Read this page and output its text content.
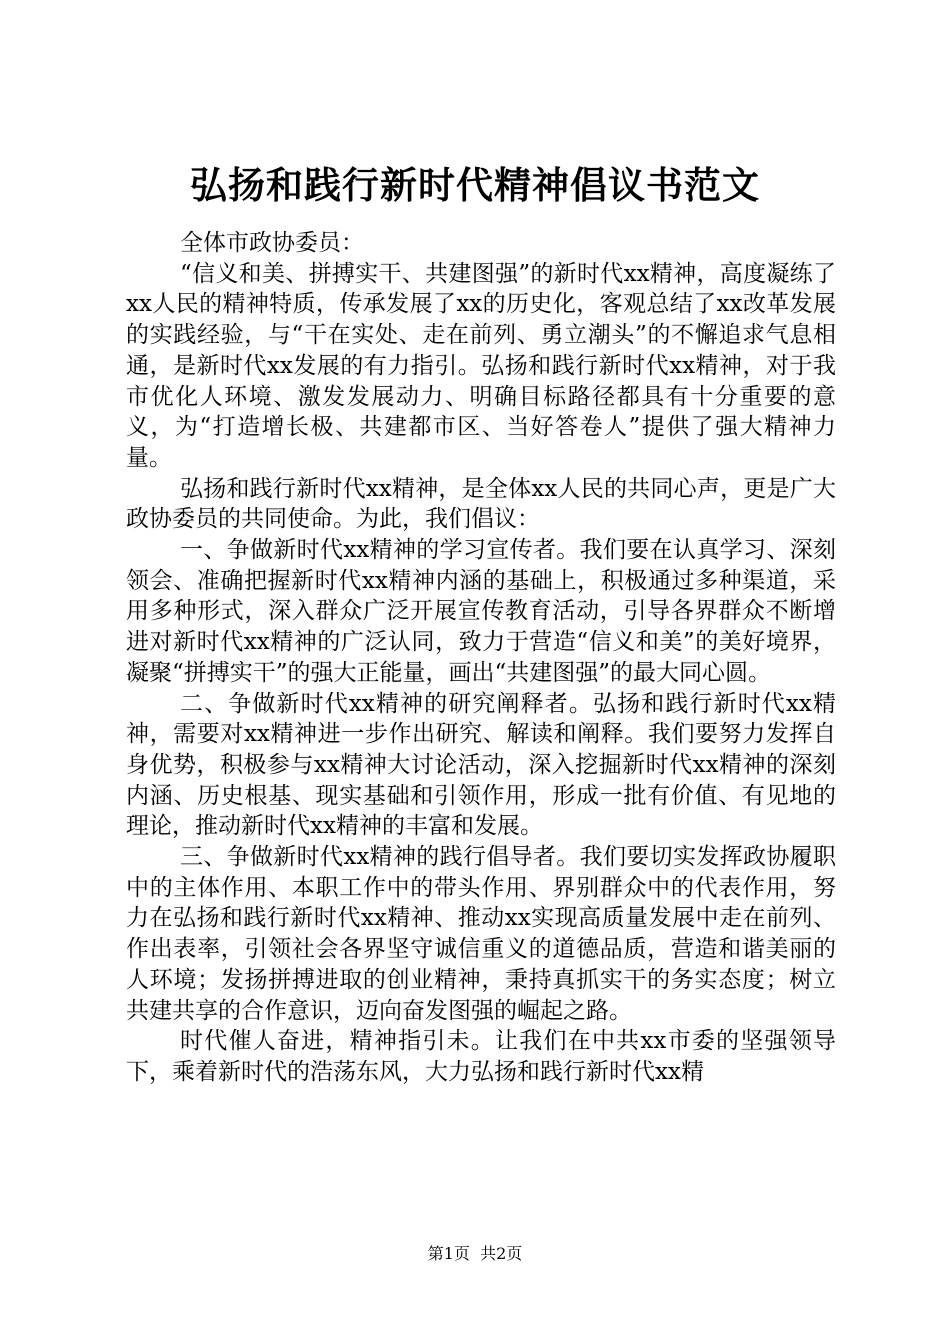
弘扬和践行新时代精神倡议书范文

全体市政协委员：

“信义和美、拼搏实干、共建图强”的新时代xx精神，高度凝练了xx人民的精神特质，传承发展了xx的历史化，客观总结了xx改革发展的实践经验，与“干在实处、走在前列、勇立潮头”的不懈追求气息相通，是新时代xx发展的有力指引。弘扬和践行新时代xx精神，对于我市优化人环境、激发发展动力、明确目标路径都具有十分重要的意义，为“打造增长极、共建都市区、当好答卷人”提供了强大精神力量。

弘扬和践行新时代xx精神，是全体xx人民的共同心声，更是广大政协委员的共同使命。为此，我们倡议：

一、争做新时代xx精神的学习宣传者。我们要在认真学习、深刻领会、准确把握新时代xx精神内涵的基础上，积极通过多种渠道，采用多种形式，深入群众广泛开展宣传教育活动，引导各界群众不断增进对新时代xx精神的广泛认同，致力于营造“信义和美”的美好境界，凝聚“拼搏实干”的强大正能量，画出“共建图强”的最大同心圆。

二、争做新时代xx精神的研究阐释者。弘扬和践行新时代xx精神，需要对xx精神进一步作出研究、解读和阐释。我们要努力发挥自身优势，积极参与xx精神大讨论活动，深入挖掘新时代xx精神的深刻内涵、历史根基、现实基础和引领作用，形成一批有价值、有见地的理论，推动新时代xx精神的丰富和发展。

三、争做新时代xx精神的践行倡导者。我们要切实发挥政协履职中的主体作用、本职工作中的带头作用、界别群众中的代表作用，努力在弘扬和践行新时代xx精神、推动xx实现高质量发展中走在前列、作出表率，引领社会各界坚守诚信重义的道德品质，营造和谐美丽的人环境；发扬拼搏进取的创业精神，秉持真抓实干的务实态度；树立共建共享的合作意识，迈向奋发图强的崛起之路。

时代催人奋进，精神指引未。让我们在中共xx市委的坚强领导下，乘着新时代的浩荡东风，大力弘扬和践行新时代xx精

第1页 共2页
